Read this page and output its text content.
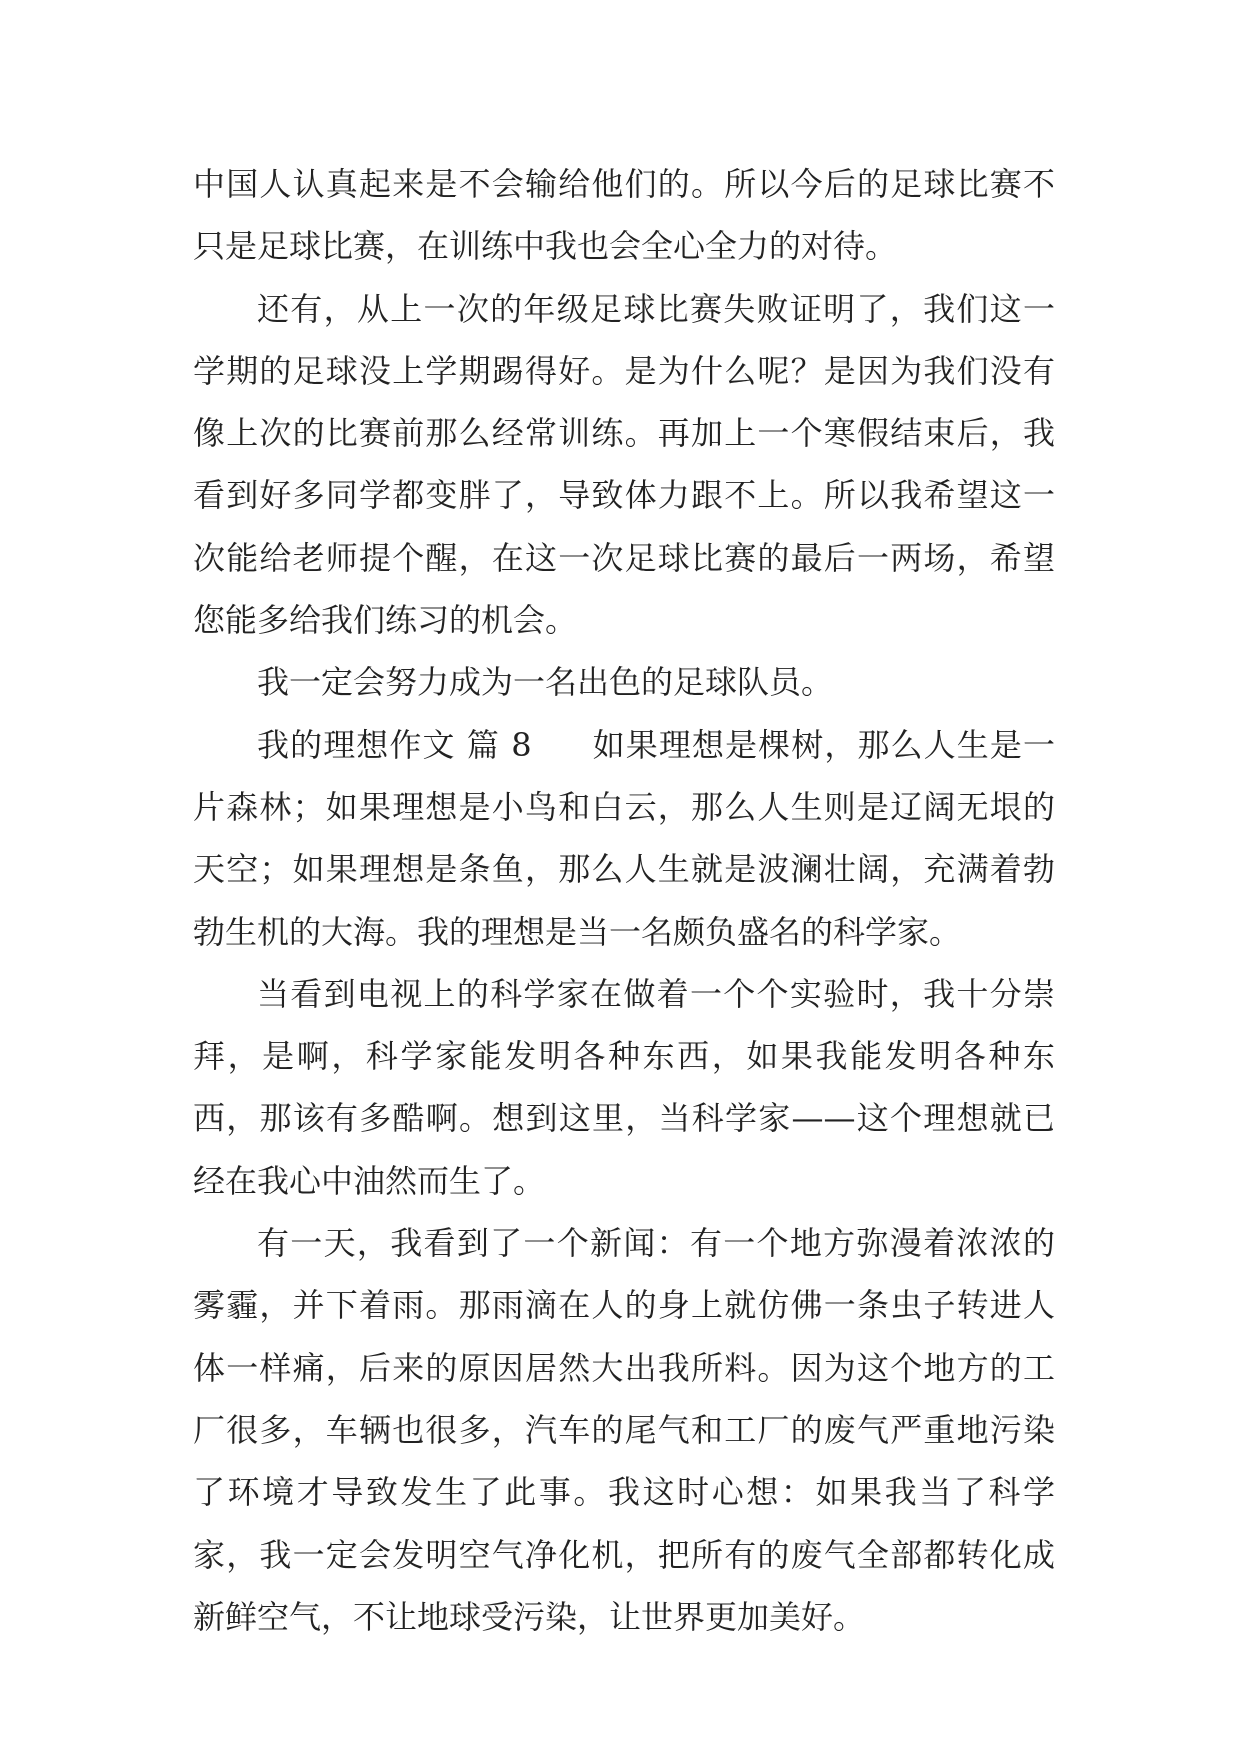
中国人认真起来是不会输给他们的。所以今后的足球比赛不只是足球比赛，在训练中我也会全心全力的对待。

还有，从上一次的年级足球比赛失败证明了，我们这一学期的足球没上学期踢得好。是为什么呢？是因为我们没有像上次的比赛前那么经常训练。再加上一个寒假结束后，我看到好多同学都变胖了，导致体力跟不上。所以我希望这一次能给老师提个醒，在这一次足球比赛的最后一两场，希望您能多给我们练习的机会。

我一定会努力成为一名出色的足球队员。

我的理想作文 篇 8 如果理想是棵树，那么人生是一片森林；如果理想是小鸟和白云，那么人生则是辽阔无垠的天空；如果理想是条鱼，那么人生就是波澜壮阔，充满着勃勃生机的大海。我的理想是当一名颇负盛名的科学家。

当看到电视上的科学家在做着一个个实验时，我十分崇拜，是啊，科学家能发明各种东西，如果我能发明各种东西，那该有多酷啊。想到这里，当科学家——这个理想就已经在我心中油然而生了。

有一天，我看到了一个新闻：有一个地方弥漫着浓浓的雾霾，并下着雨。那雨滴在人的身上就仿佛一条虫子转进人体一样痛，后来的原因居然大出我所料。因为这个地方的工厂很多，车辆也很多，汽车的尾气和工厂的废气严重地污染了环境才导致发生了此事。我这时心想：如果我当了科学家，我一定会发明空气净化机，把所有的废气全部都转化成新鲜空气，不让地球受污染，让世界更加美好。
